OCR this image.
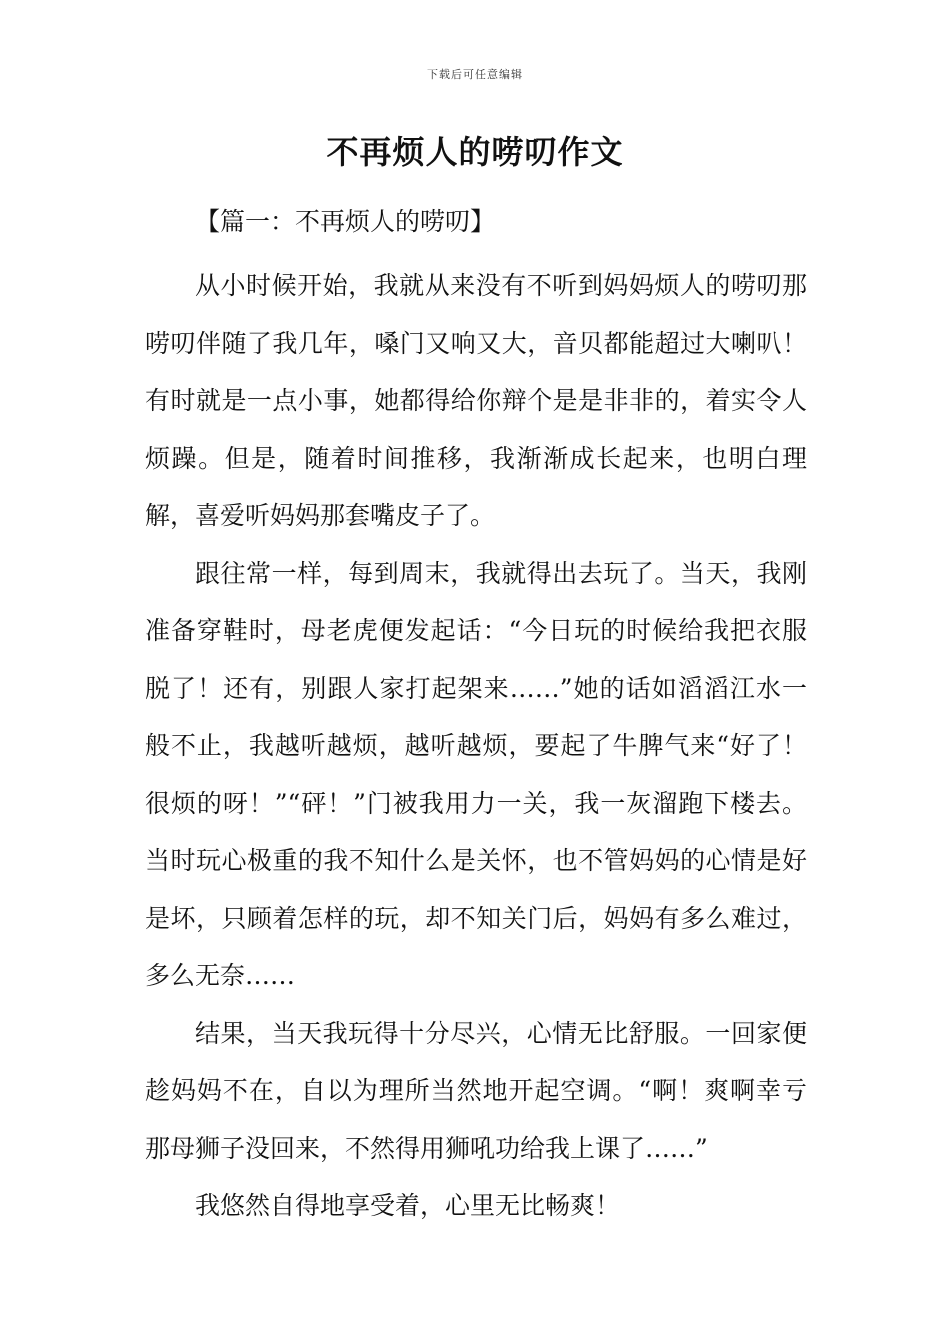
下载后可任意编辑
不再烦人的唠叨作文
【篇一：不再烦人的唠叨】

从小时候开始，我就从来没有不听到妈妈烦人的唠叨那唠叨伴随了我几年，嗓门又响又大，音贝都能超过大喇叭！有时就是一点小事，她都得给你辩个是是非非的，着实令人烦躁。但是，随着时间推移，我渐渐成长起来，也明白理解，喜爱听妈妈那套嘴皮子了。

跟往常一样，每到周末，我就得出去玩了。当天，我刚准备穿鞋时，母老虎便发起话：“今日玩的时候给我把衣服脱了！还有，别跟人家打起架来……”她的话如滔滔江水一般不止，我越听越烦，越听越烦，要起了牛脾气来“好了！很烦的呀！”“砰！”门被我用力一关，我一灰溜跑下楼去。当时玩心极重的我不知什么是关怀，也不管妈妈的心情是好是坏，只顾着怎样的玩，却不知关门后，妈妈有多么难过，多么无奈……

结果，当天我玩得十分尽兴，心情无比舒服。一回家便趁妈妈不在，自以为理所当然地开起空调。“啊！爽啊幸亏那母狮子没回来，不然得用狮吼功给我上课了……”

我悠然自得地享受着，心里无比畅爽！
